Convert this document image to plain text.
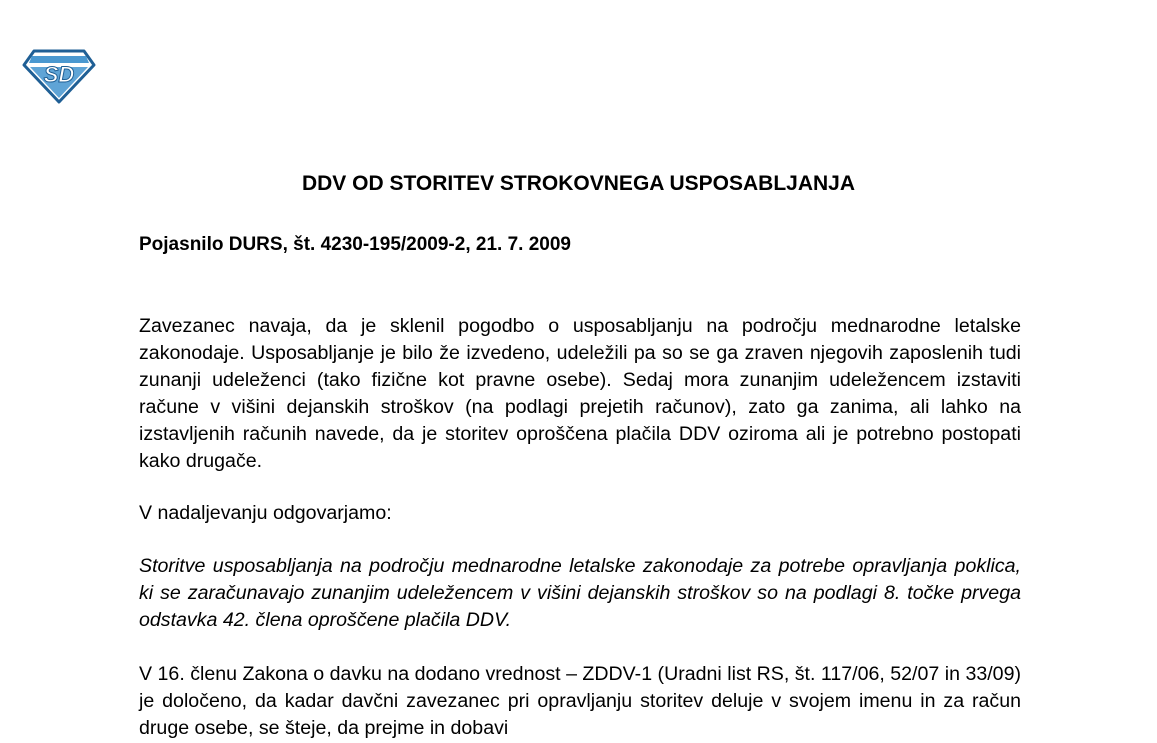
SD
DDV OD STORITEV STROKOVNEGA USPOSABLJANJA

Pojasnilo DURS, št. 4230-195/2009-2, 21. 7. 2009

Zavezanec navaja, da je sklenil pogodbo o usposabljanju na področju mednarodne letalske zakonodaje. Usposabljanje je bilo že izvedeno, udeležili pa so se ga zraven njegovih zaposlenih tudi zunanji udeleženci (tako fizične kot pravne osebe). Sedaj mora zunanjim udeležencem izstaviti račune v višini dejanskih stroškov (na podlagi prejetih računov), zato ga zanima, ali lahko na izstavljenih računih navede, da je storitev oproščena plačila DDV oziroma ali je potrebno postopati kako drugače.

V nadaljevanju odgovarjamo:

Storitve usposabljanja na področju mednarodne letalske zakonodaje za potrebe opravljanja poklica, ki se zaračunavajo zunanjim udeležencem v višini dejanskih stroškov so na podlagi 8. točke prvega odstavka 42. člena oproščene plačila DDV.

V 16. členu Zakona o davku na dodano vrednost – ZDDV-1 (Uradni list RS, št. 117/06, 52/07 in 33/09) je določeno, da kadar davčni zavezanec pri opravljanju storitev deluje v svojem imenu in za račun druge osebe, se šteje, da prejme in dobavi
